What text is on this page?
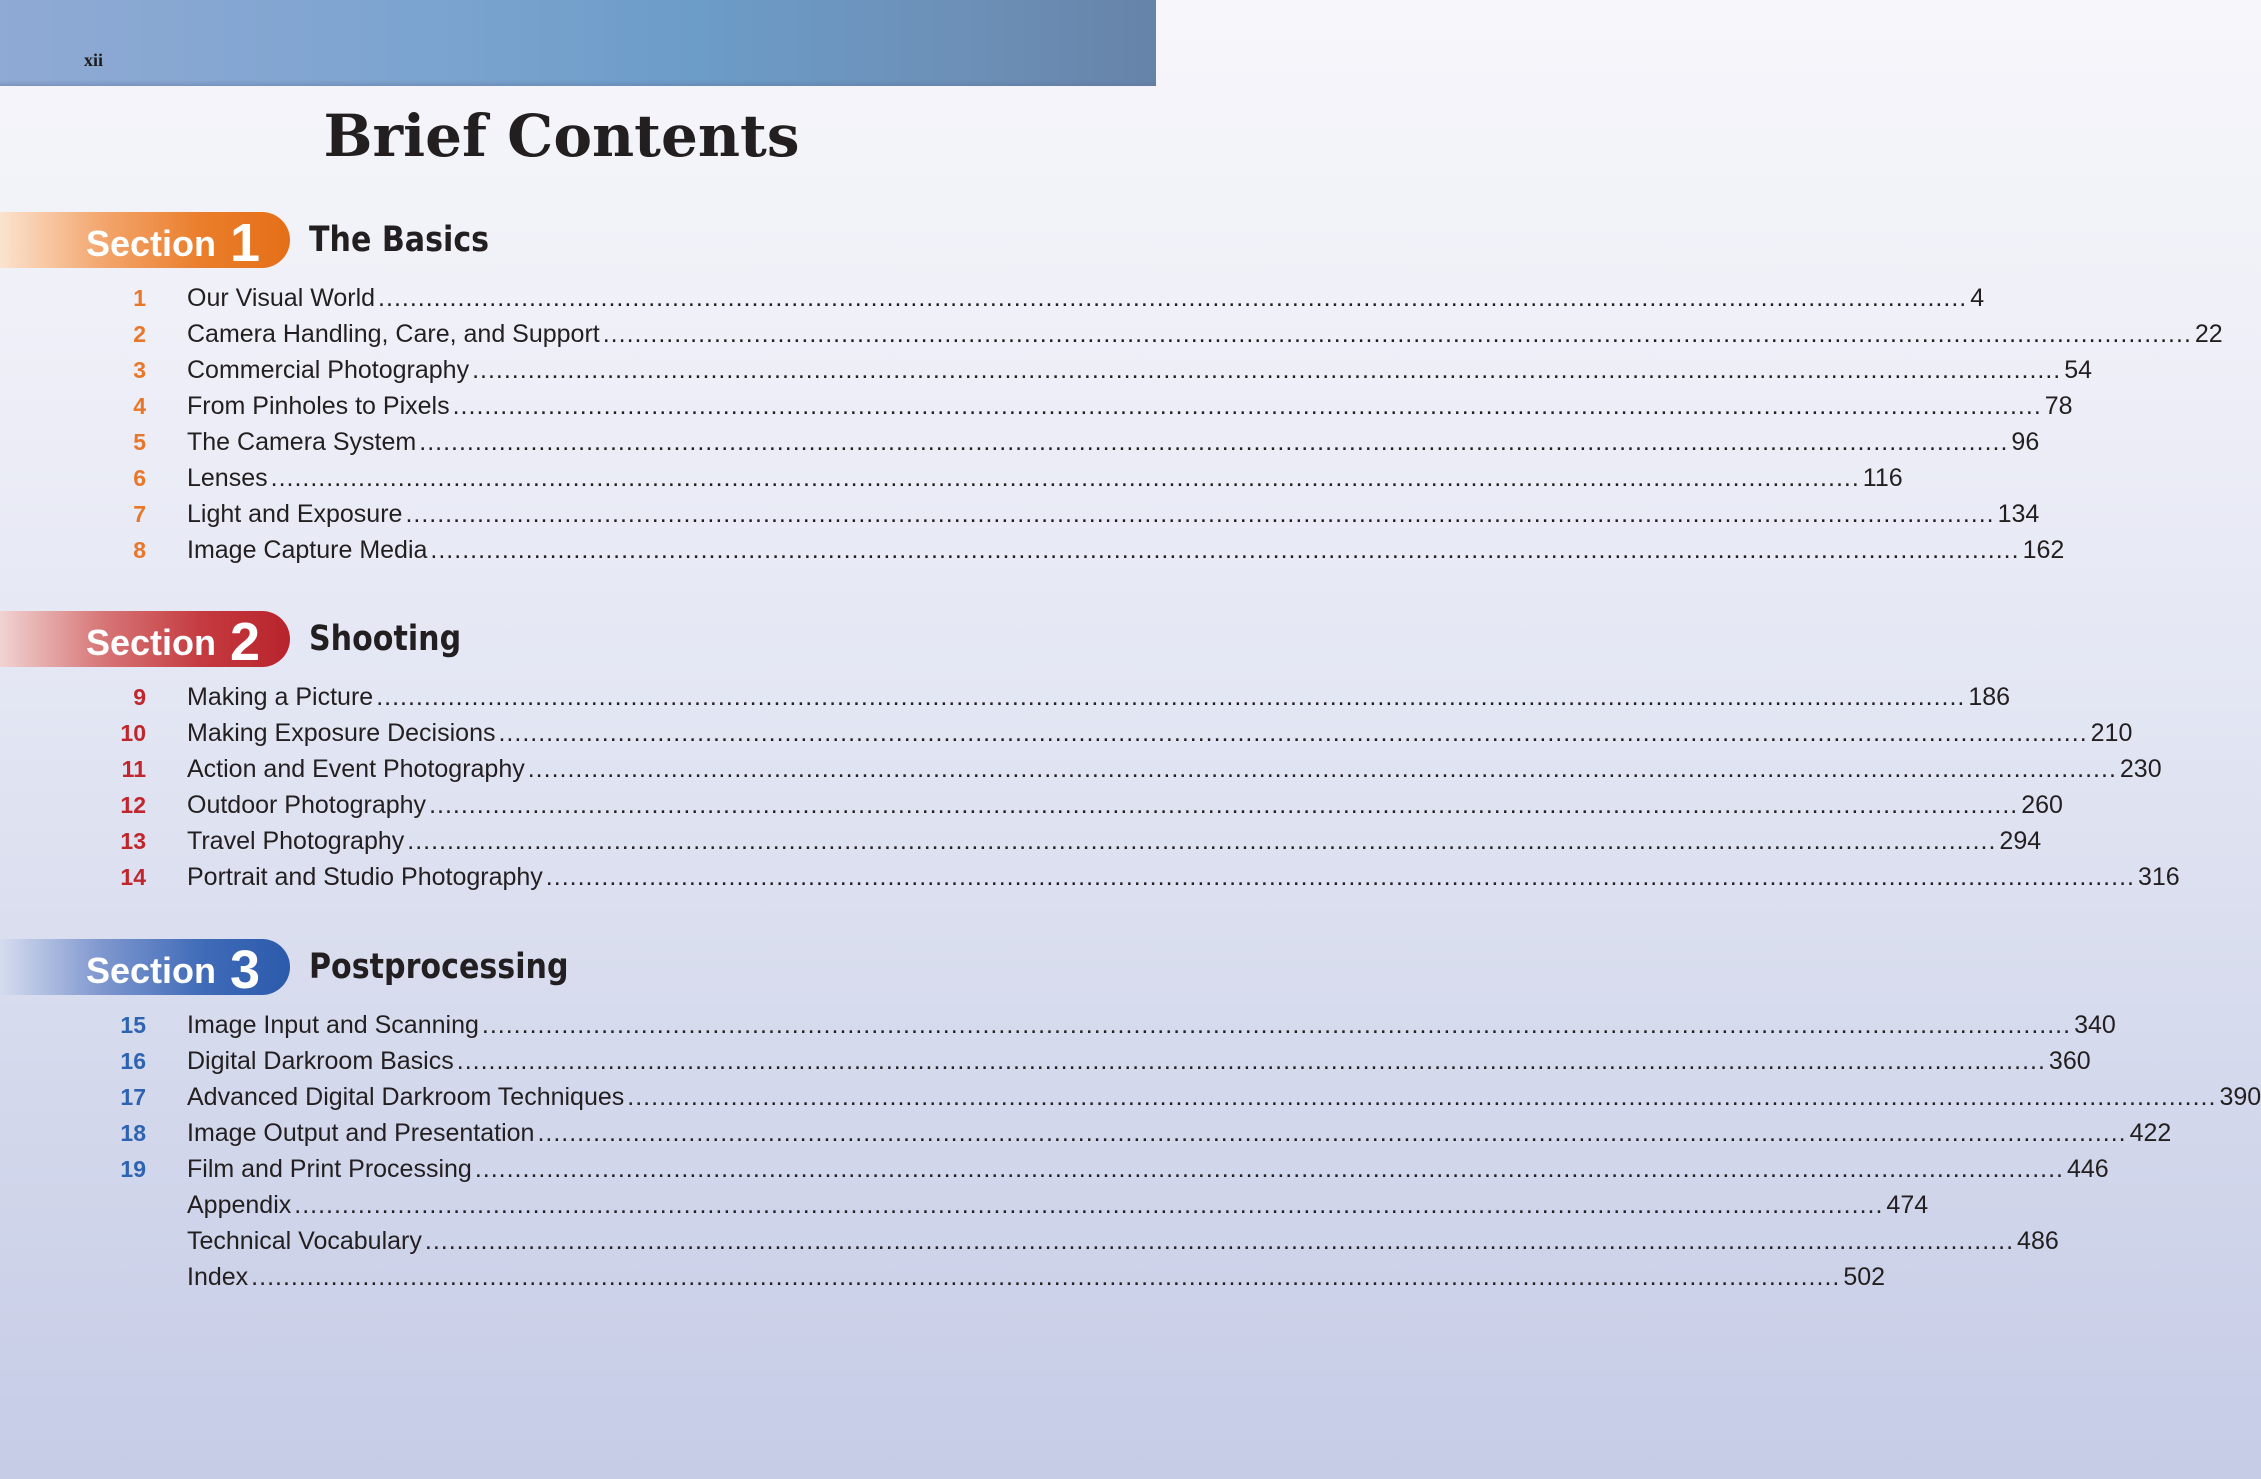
xii
Brief Contents
Section 1 The Basics
1 Our Visual World ........................................................................................................................................................................................................ 4
2 Camera Handling, Care, and Support ........................................................................................................................................................................................................ 22
3 Commercial Photography ........................................................................................................................................................................................................ 54
4 From Pinholes to Pixels ........................................................................................................................................................................................................ 78
5 The Camera System ........................................................................................................................................................................................................ 96
6 Lenses ........................................................................................................................................................................................................ 116
7 Light and Exposure ........................................................................................................................................................................................................ 134
8 Image Capture Media ........................................................................................................................................................................................................ 162
Section 2 Shooting
9 Making a Picture ........................................................................................................................................................................................................ 186
10 Making Exposure Decisions ........................................................................................................................................................................................................ 210
11 Action and Event Photography ........................................................................................................................................................................................................ 230
12 Outdoor Photography ........................................................................................................................................................................................................ 260
13 Travel Photography ........................................................................................................................................................................................................ 294
14 Portrait and Studio Photography ........................................................................................................................................................................................................ 316
Section 3 Postprocessing
15 Image Input and Scanning ........................................................................................................................................................................................................ 340
16 Digital Darkroom Basics ........................................................................................................................................................................................................ 360
17 Advanced Digital Darkroom Techniques ........................................................................................................................................................................................................ 390
18 Image Output and Presentation ........................................................................................................................................................................................................ 422
19 Film and Print Processing ........................................................................................................................................................................................................ 446
Appendix ........................................................................................................................................................................................................ 474
Technical Vocabulary ........................................................................................................................................................................................................ 486
Index ........................................................................................................................................................................................................ 502
